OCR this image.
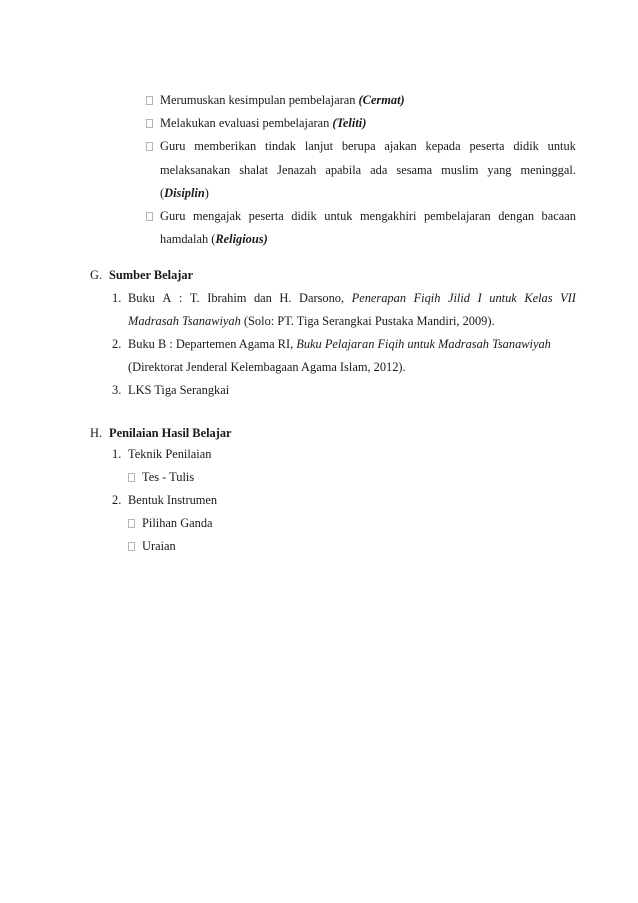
Merumuskan kesimpulan pembelajaran (Cermat)
Melakukan evaluasi pembelajaran (Teliti)
Guru memberikan tindak lanjut berupa ajakan kepada peserta didik untuk
melaksanakan shalat Jenazah apabila ada sesama muslim yang meninggal.
(Disiplin)
Guru mengajak peserta didik untuk mengakhiri pembelajaran dengan bacaan
hamdalah (Religious)
G. Sumber Belajar
1. Buku A : T. Ibrahim dan H. Darsono, Penerapan Fiqih Jilid I untuk Kelas VII
Madrasah Tsanawiyah (Solo: PT. Tiga Serangkai Pustaka Mandiri, 2009).
2. Buku B : Departemen Agama RI, Buku Pelajaran Fiqih untuk Madrasah Tsanawiyah
(Direktorat Jenderal Kelembagaan Agama Islam, 2012).
3. LKS Tiga Serangkai
H. Penilaian Hasil Belajar
1. Teknik Penilaian
Tes - Tulis
2. Bentuk Instrumen
Pilihan Ganda
Uraian
